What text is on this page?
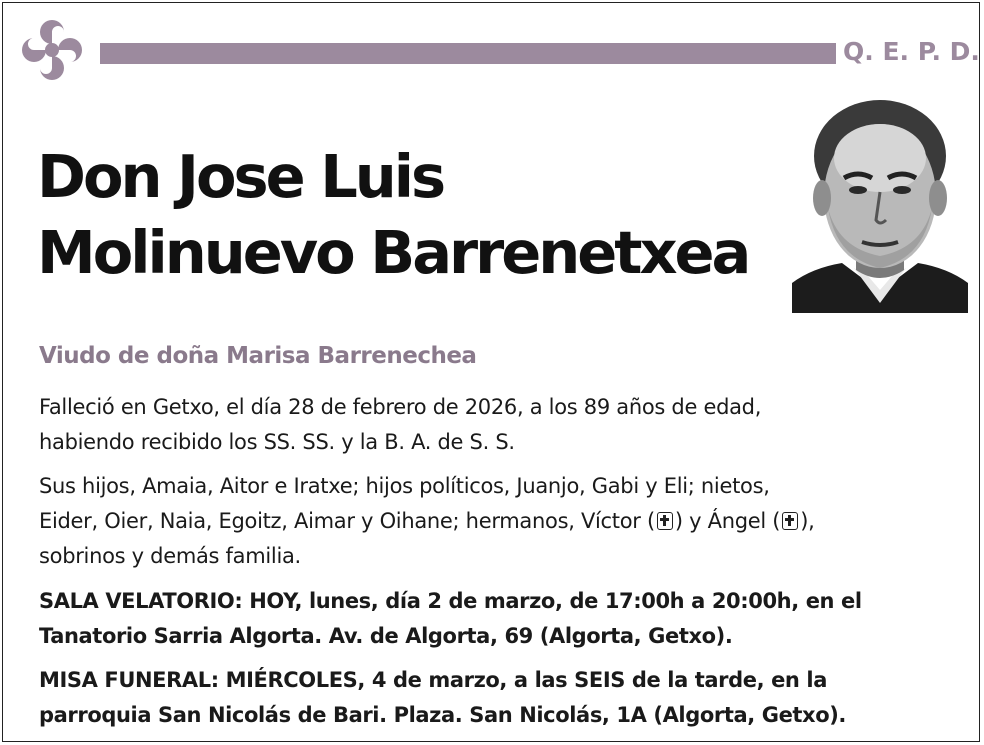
Q. E. P. D.
Don Jose Luis
Molinuevo Barrenetxea

Viudo de doña Marisa Barrenechea

Falleció en Getxo, el día 28 de febrero de 2026, a los 89 años de edad,
habiendo recibido los SS. SS. y la B. A. de S. S.

Sus hijos, Amaia, Aitor e Iratxe; hijos políticos, Juanjo, Gabi y Eli; nietos,
Eider, Oier, Naia, Egoitz, Aimar y Oihane; hermanos, Víctor ( ) y Ángel ( ),
sobrinos y demás familia.

SALA VELATORIO: HOY, lunes, día 2 de marzo, de 17:00h a 20:00h, en el
Tanatorio Sarria Algorta. Av. de Algorta, 69 (Algorta, Getxo).

MISA FUNERAL: MIÉRCOLES, 4 de marzo, a las SEIS de la tarde, en la
parroquia San Nicolás de Bari. Plaza. San Nicolás, 1A (Algorta, Getxo).
